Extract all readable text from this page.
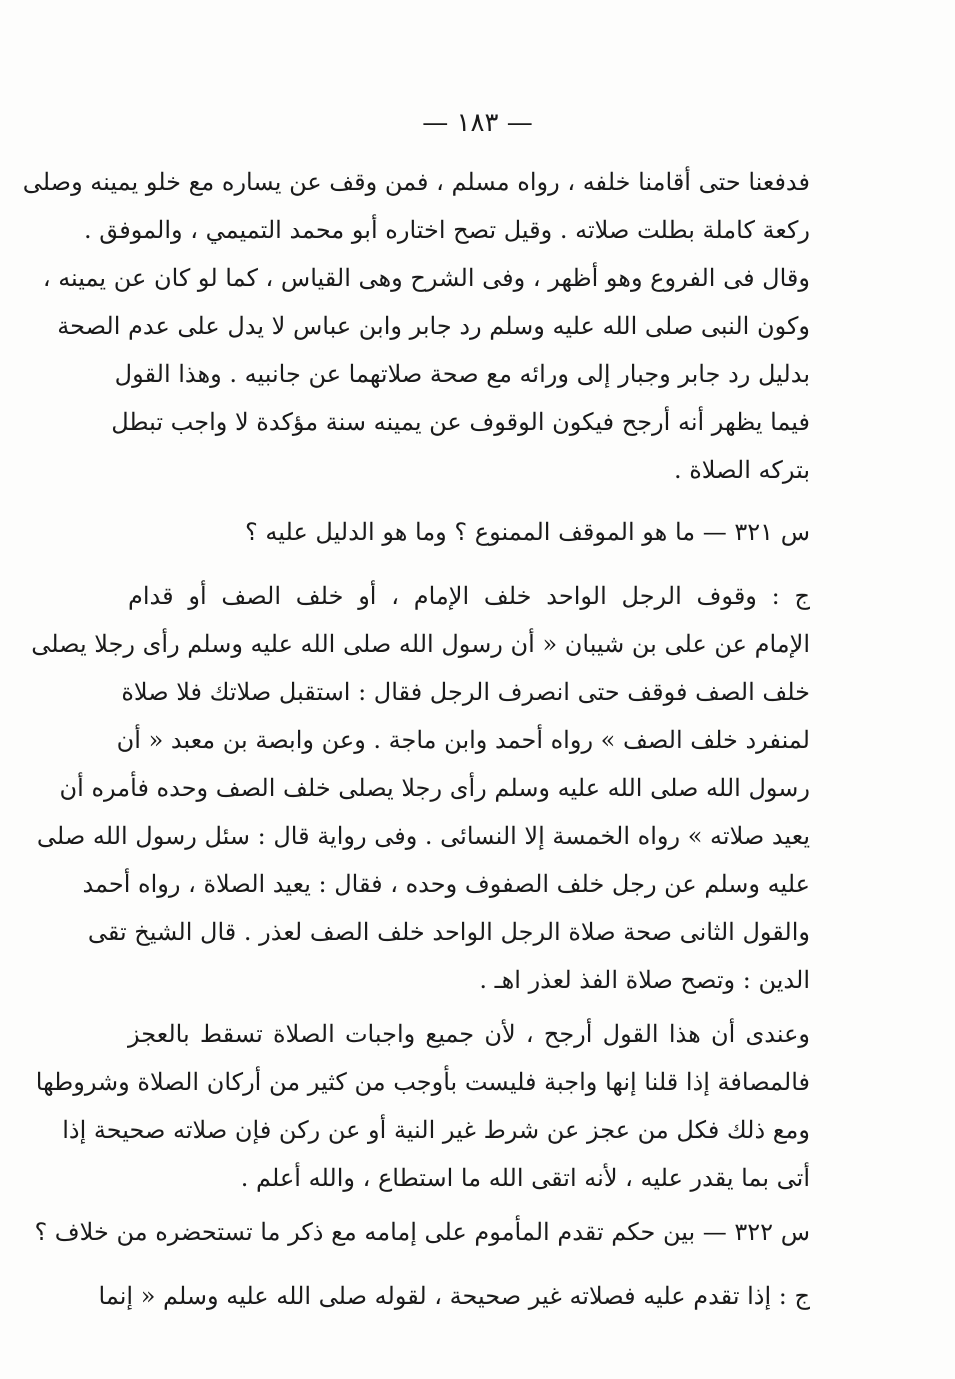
— ١٨٣ —
فدفعنا حتى أقامنا خلفه ، رواه مسلم ، فمن وقف عن يساره مع خلو يمينه وصلى
ركعة كاملة بطلت صلاته . وقيل تصح اختاره أبو محمد التميمي ، والموفق .
وقال فى الفروع وهو أظهر ، وفى الشرح وهى القياس ، كما لو كان عن يمينه ،
وكون النبى صلى الله عليه وسلم رد جابر وابن عباس لا يدل على عدم الصحة
بدليل رد جابر وجبار إلى ورائه مع صحة صلاتهما عن جانبيه . وهذا القول
فيما يظهر أنه أرجح فيكون الوقوف عن يمينه سنة مؤكدة لا واجب تبطل
بتركه الصلاة .
س ٣٢١ — ما هو الموقف الممنوع ؟ وما هو الدليل عليه ؟
ج : وقوف الرجل الواحد خلف الإمام ، أو خلف الصف أو قدام
الإمام عن على بن شيبان « أن رسول الله صلى الله عليه وسلم رأى رجلا يصلى
خلف الصف فوقف حتى انصرف الرجل فقال : استقبل صلاتك فلا صلاة
لمنفرد خلف الصف » رواه أحمد وابن ماجة . وعن وابصة بن معبد « أن
رسول الله صلى الله عليه وسلم رأى رجلا يصلى خلف الصف وحده فأمره أن
يعيد صلاته » رواه الخمسة إلا النسائى . وفى رواية قال : سئل رسول الله صلى
عليه وسلم عن رجل خلف الصفوف وحده ، فقال : يعيد الصلاة ، رواه أحمد
والقول الثانى صحة صلاة الرجل الواحد خلف الصف لعذر . قال الشيخ تقى
الدين : وتصح صلاة الفذ لعذر اهـ .
وعندى أن هذا القول أرجح ، لأن جميع واجبات الصلاة تسقط بالعجز
فالمصافة إذا قلنا إنها واجبة فليست بأوجب من كثير من أركان الصلاة وشروطها
ومع ذلك فكل من عجز عن شرط غير النية أو عن ركن فإن صلاته صحيحة إذا
أتى بما يقدر عليه ، لأنه اتقى الله ما استطاع ، والله أعلم .
س ٣٢٢ — بين حكم تقدم المأموم على إمامه مع ذكر ما تستحضره من خلاف ؟
ج : إذا تقدم عليه فصلاته غير صحيحة ، لقوله صلى الله عليه وسلم « إنما
